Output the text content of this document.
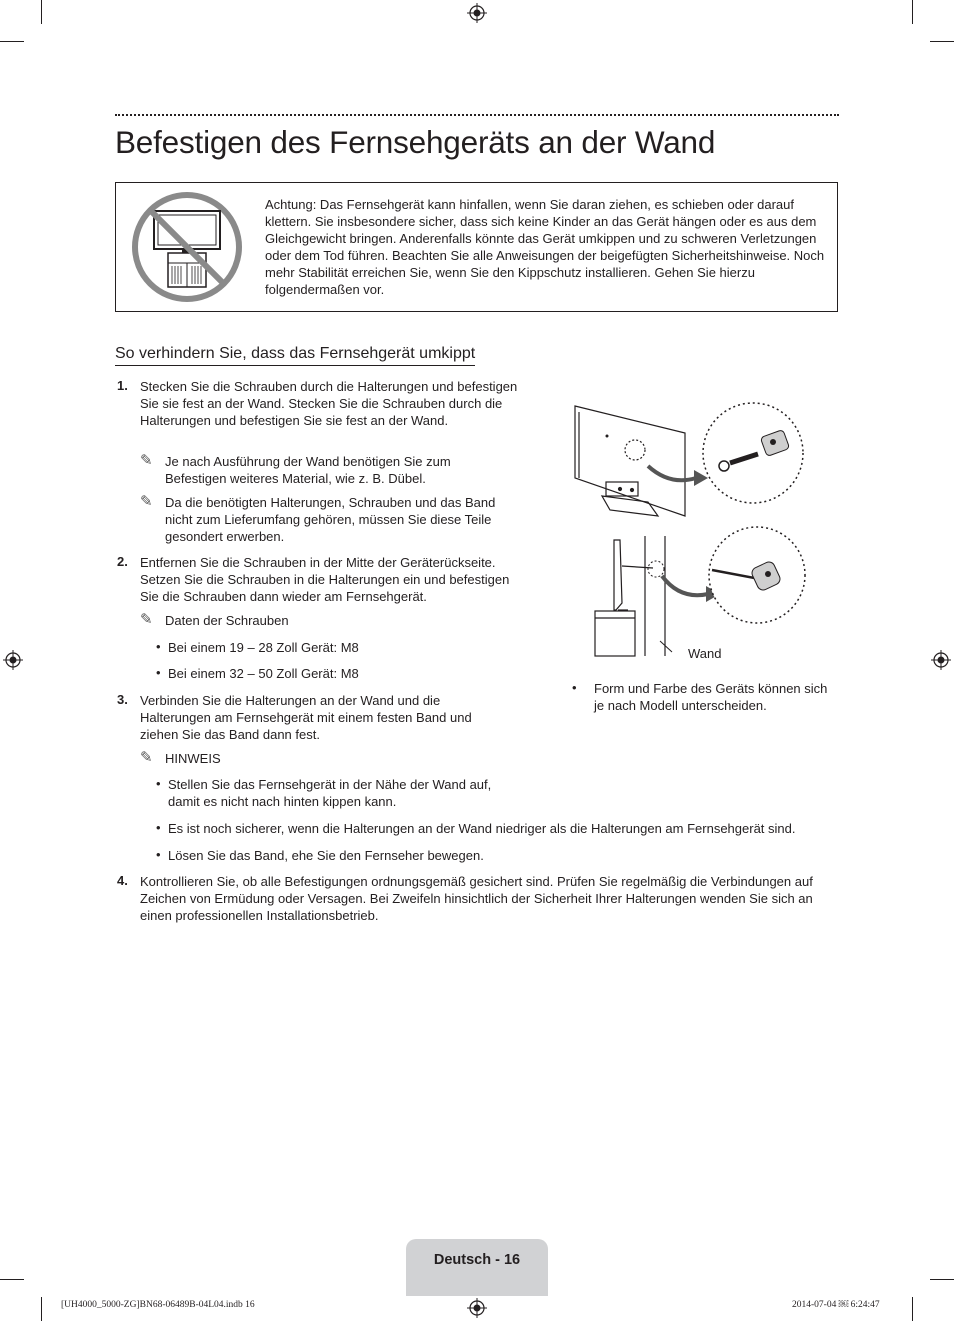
Befestigen des Fernsehgeräts an der Wand
Achtung: Das Fernsehgerät kann hinfallen, wenn Sie daran ziehen, es schieben oder darauf klettern. Sie insbesondere sicher, dass sich keine Kinder an das Gerät hängen oder es aus dem Gleichgewicht bringen. Anderenfalls könnte das Gerät umkippen und zu schweren Verletzungen oder dem Tod führen. Beachten Sie alle Anweisungen der beigefügten Sicherheitshinweise. Noch mehr Stabilität erreichen Sie, wenn Sie den Kippschutz installieren. Gehen Sie hierzu folgendermaßen vor.
So verhindern Sie, dass das Fernsehgerät umkippt
1. Stecken Sie die Schrauben durch die Halterungen und befestigen Sie sie fest an der Wand. Stecken Sie die Schrauben durch die Halterungen und befestigen Sie sie fest an der Wand.
✎ Je nach Ausführung der Wand benötigen Sie zum Befestigen weiteres Material, wie z. B. Dübel.
✎ Da die benötigten Halterungen, Schrauben und das Band nicht zum Lieferumfang gehören, müssen Sie diese Teile gesondert erwerben.
2. Entfernen Sie die Schrauben in der Mitte der Geräterückseite. Setzen Sie die Schrauben in die Halterungen ein und befestigen Sie die Schrauben dann wieder am Fernsehgerät.
✎ Daten der Schrauben
• Bei einem 19 – 28 Zoll Gerät: M8
• Bei einem 32 – 50 Zoll Gerät: M8
3. Verbinden Sie die Halterungen an der Wand und die Halterungen am Fernsehgerät mit einem festen Band und ziehen Sie das Band dann fest.
✎ HINWEIS
• Stellen Sie das Fernsehgerät in der Nähe der Wand auf, damit es nicht nach hinten kippen kann.
• Es ist noch sicherer, wenn die Halterungen an der Wand niedriger als die Halterungen am Fernsehgerät sind.
• Lösen Sie das Band, ehe Sie den Fernseher bewegen.
4. Kontrollieren Sie, ob alle Befestigungen ordnungsgemäß gesichert sind. Prüfen Sie regelmäßig die Verbindungen auf Zeichen von Ermüdung oder Versagen. Bei Zweifeln hinsichtlich der Sicherheit Ihrer Halterungen wenden Sie sich an einen professionellen Installationsbetrieb.
Wand
• Form und Farbe des Geräts können sich je nach Modell unterscheiden.
Deutsch - 16
[UH4000_5000-ZG]BN68-06489B-04L04.indb 16	2014-07-04 ￼ 6:24:47
